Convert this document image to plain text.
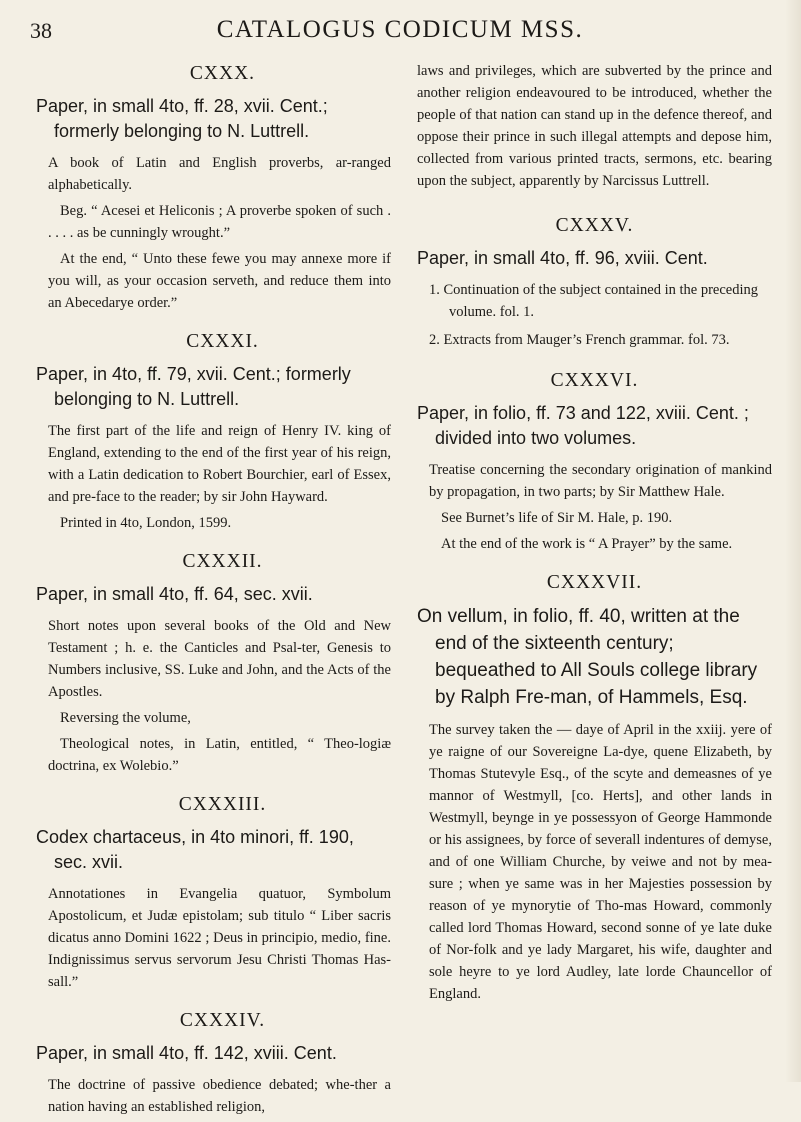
38	CATALOGUS CODICUM MSS.
CXXX.
Paper, in small 4to, ff. 28, xvii. Cent.; formerly belonging to N. Luttrell.
A book of Latin and English proverbs, ar-ranged alphabetically.
Beg. “ Acesei et Heliconis ; A proverbe spoken of such . . . . . as be cunningly wrought.”
At the end, “ Unto these fewe you may annexe more if you will, as your occasion serveth, and reduce them into an Abecedarye order.”
CXXXI.
Paper, in 4to, ff. 79, xvii. Cent.; formerly belonging to N. Luttrell.
The first part of the life and reign of Henry IV. king of England, extending to the end of the first year of his reign, with a Latin dedication to Robert Bourchier, earl of Essex, and pre-face to the reader; by sir John Hayward.
Printed in 4to, London, 1599.
CXXXII.
Paper, in small 4to, ff. 64, sec. xvii.
Short notes upon several books of the Old and New Testament ; h. e. the Canticles and Psal-ter, Genesis to Numbers inclusive, SS. Luke and John, and the Acts of the Apostles.
Reversing the volume,
Theological notes, in Latin, entitled, “ Theo-logiæ doctrina, ex Wolebio.”
CXXXIII.
Codex chartaceus, in 4to minori, ff. 190, sec. xvii.
Annotationes in Evangelia quatuor, Symbolum Apostolicum, et Judæ epistolam; sub titulo “ Liber sacris dicatus anno Domini 1622 ; Deus in principio, medio, fine. Indignissimus servus servorum Jesu Christi Thomas Has-sall.”
CXXXIV.
Paper, in small 4to, ff. 142, xviii. Cent.
The doctrine of passive obedience debated; whe-ther a nation having an established religion,
laws and privileges, which are subverted by the prince and another religion endeavoured to be introduced, whether the people of that nation can stand up in the defence thereof, and oppose their prince in such illegal attempts and depose him, collected from various printed tracts, sermons, etc. bearing upon the subject, apparently by Narcissus Luttrell.
CXXXV.
Paper, in small 4to, ff. 96, xviii. Cent.
1. Continuation of the subject contained in the preceding volume. fol. 1.
2. Extracts from Mauger’s French grammar. fol. 73.
CXXXVI.
Paper, in folio, ff. 73 and 122, xviii. Cent. ; divided into two volumes.
Treatise concerning the secondary origination of mankind by propagation, in two parts; by Sir Matthew Hale.
See Burnet’s life of Sir M. Hale, p. 190.
At the end of the work is “ A Prayer” by the same.
CXXXVII.
On vellum, in folio, ff. 40, written at the end of the sixteenth century; bequeathed to All Souls college library by Ralph Fre-man, of Hammels, Esq.
The survey taken the — daye of April in the xxiij. yere of ye raigne of our Sovereigne La-dye, quene Elizabeth, by Thomas Stutevyle Esq., of the scyte and demeasnes of ye mannor of Westmyll, [co. Herts], and other lands in Westmyll, beynge in ye possessyon of George Hammonde or his assignees, by force of severall indentures of demyse, and of one William Churche, by veiwe and not by mea-sure ; when ye same was in her Majesties possession by reason of ye mynorytie of Tho-mas Howard, commonly called lord Thomas Howard, second sonne of ye late duke of Nor-folk and ye lady Margaret, his wife, daughter and sole heyre to ye lord Audley, late lorde Chauncellor of England.
